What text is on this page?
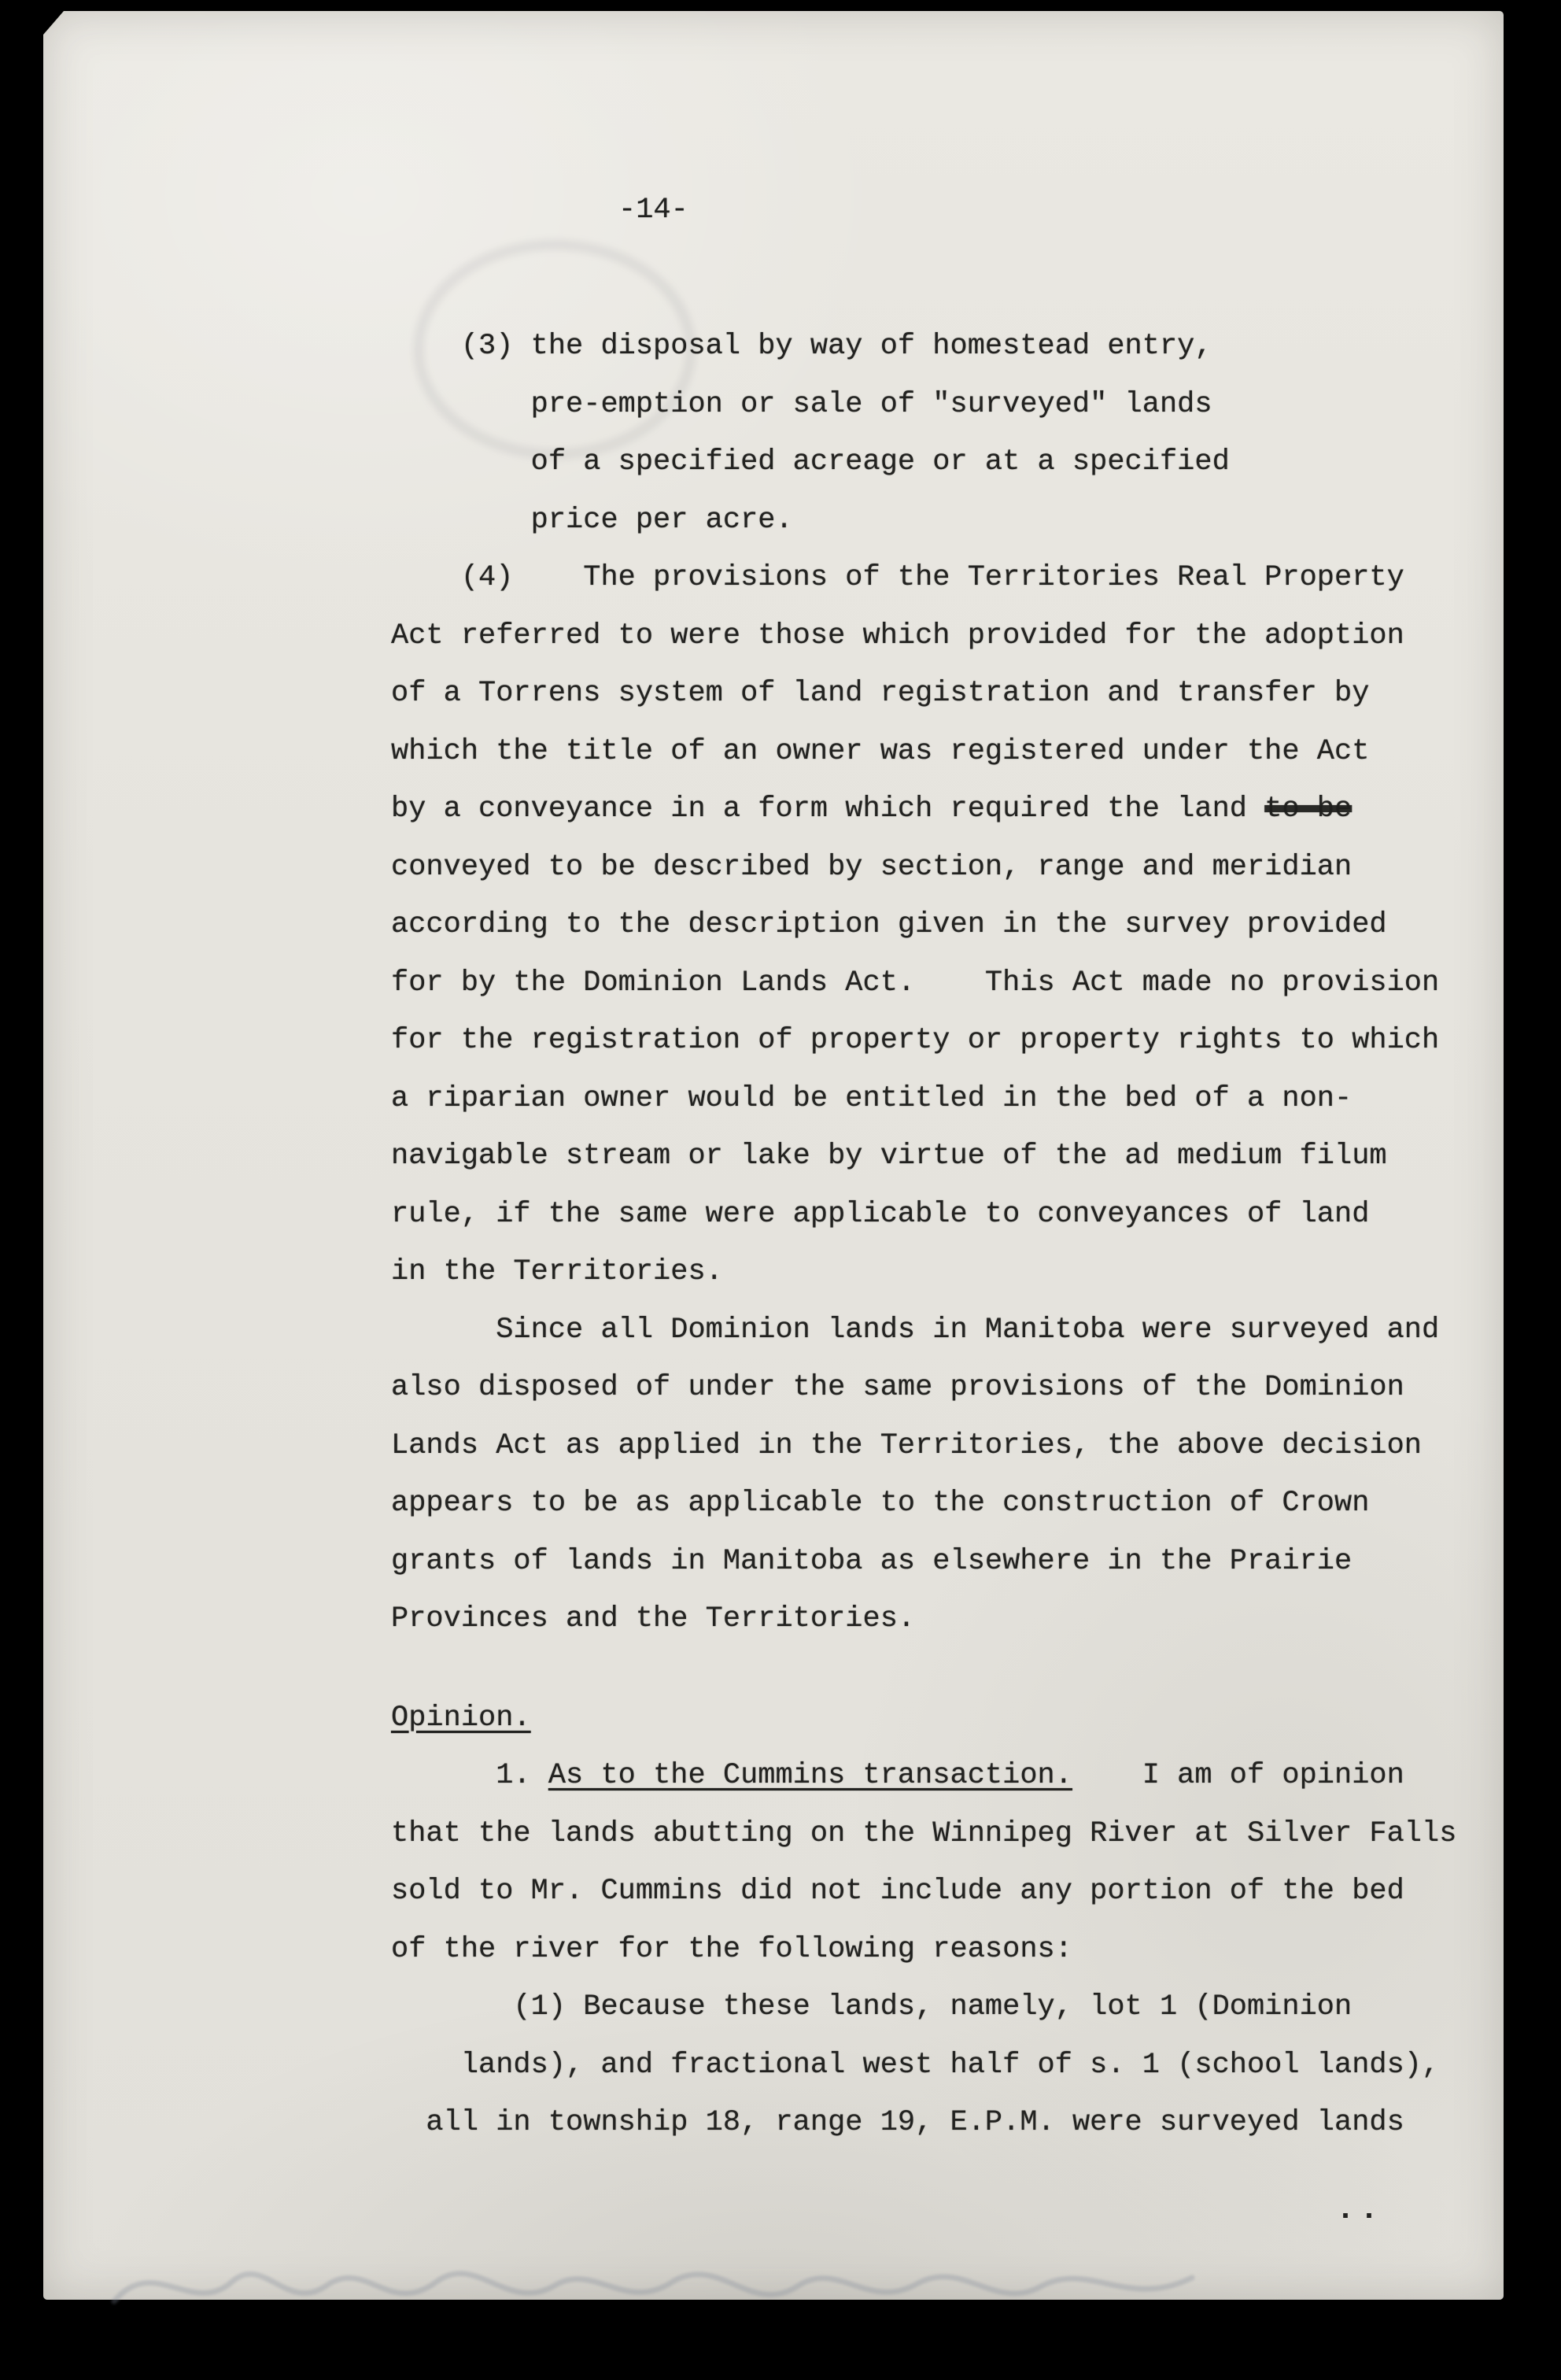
-14-
(3) the disposal by way of homestead entry,
pre-emption or sale of "surveyed" lands
of a specified acreage or at a specified
price per acre.
(4)    The provisions of the Territories Real Property
Act referred to were those which provided for the adoption
of a Torrens system of land registration and transfer by
which the title of an owner was registered under the Act
by a conveyance in a form which required the land to be
conveyed to be described by section, range and meridian
according to the description given in the survey provided
for by the Dominion Lands Act.    This Act made no provision
for the registration of property or property rights to which
a riparian owner would be entitled in the bed of a non-
navigable stream or lake by virtue of the ad medium filum
rule, if the same were applicable to conveyances of land
in the Territories.
Since all Dominion lands in Manitoba were surveyed and
also disposed of under the same provisions of the Dominion
Lands Act as applied in the Territories, the above decision
appears to be as applicable to the construction of Crown
grants of lands in Manitoba as elsewhere in the Prairie
Provinces and the Territories.
Opinion.
1. As to the Cummins transaction.    I am of opinion
that the lands abutting on the Winnipeg River at Silver Falls
sold to Mr. Cummins did not include any portion of the bed
of the river for the following reasons:
(1) Because these lands, namely, lot 1 (Dominion
lands), and fractional west half of s. 1 (school lands),
all in township 18, range 19, E.P.M. were surveyed lands
..
